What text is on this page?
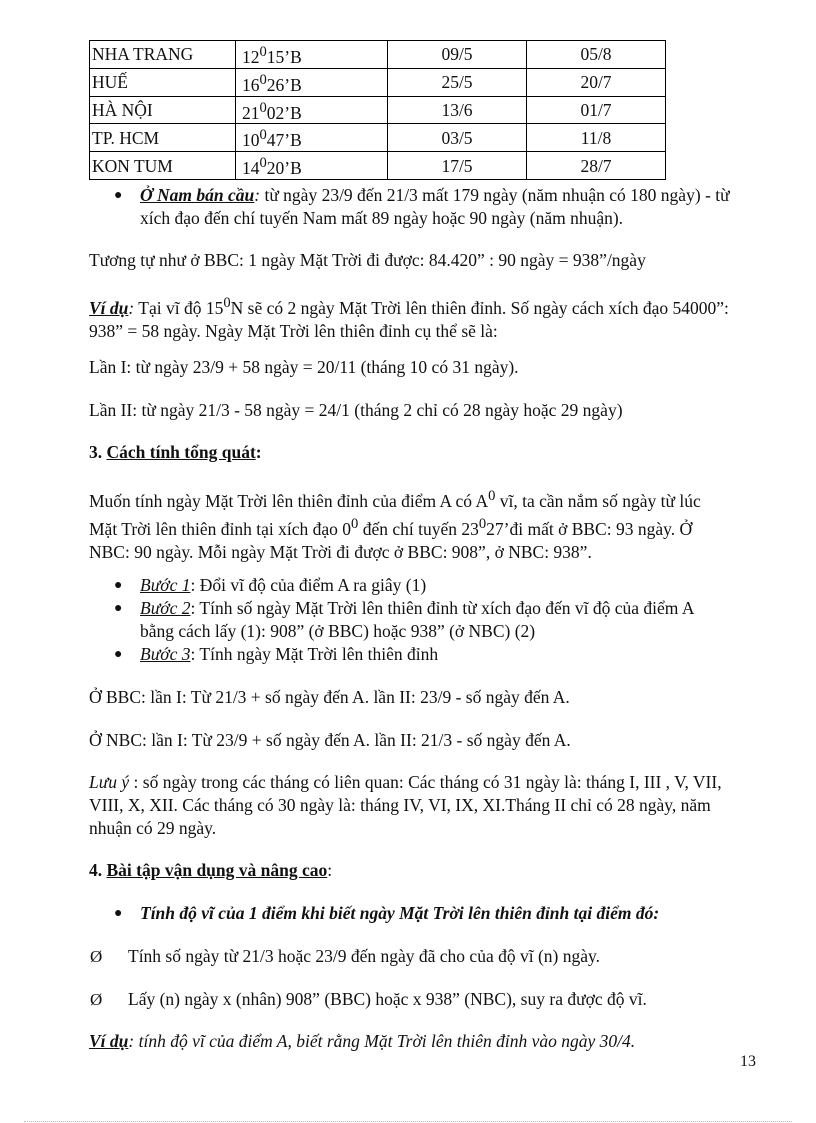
NHA TRANG	$12^015’B$	09/5	05/8
HUẾ	$16^026’B$	25/5	20/7
HÀ NỘI	$21^002’B$	13/6	01/7
TP. HCM	$10^047’B$	03/5	11/8
KON TUM	$14^020’B$	17/5	28/7
● Ở Nam bán cầu: từ ngày 23/9 đến 21/3 mất 179 ngày (năm nhuận có 180 ngày) - từ
xích đạo đến chí tuyến Nam mất 89 ngày hoặc 90 ngày (năm nhuận).

Tương tự như ở BBC: 1 ngày Mặt Trời đi được: 84.420” : 90 ngày = 938”/ngày

Ví dụ: Tại vĩ độ $15^0N$ sẽ có 2 ngày Mặt Trời lên thiên đỉnh. Số ngày cách xích đạo 54000”:
938” = 58 ngày. Ngày Mặt Trời lên thiên đỉnh cụ thể sẽ là:

Lần I: từ ngày 23/9 + 58 ngày = 20/11 (tháng 10 có 31 ngày).

Lần II: từ ngày 21/3 - 58 ngày = 24/1 (tháng 2 chỉ có 28 ngày hoặc 29 ngày)

3. Cách tính tổng quát:

Muốn tính ngày Mặt Trời lên thiên đỉnh của điểm A có $A^0$ vĩ, ta cần nắm số ngày từ lúc
Mặt Trời lên thiên đỉnh tại xích đạo $0^0$ đến chí tuyến $23^027’đi$ mất ở BBC: 93 ngày. Ở
NBC: 90 ngày. Mỗi ngày Mặt Trời đi được ở BBC: 908”, ở NBC: 938”.

● Bước 1: Đổi vĩ độ của điểm A ra giây (1)

● Bước 2: Tính số ngày Mặt Trời lên thiên đỉnh từ xích đạo đến vĩ độ của điểm A
bằng cách lấy (1): 908” (ở BBC) hoặc 938” (ở NBC) (2)

● Bước 3: Tính ngày Mặt Trời lên thiên đỉnh

Ở BBC: lần I: Từ 21/3 + số ngày đến A. lần II: 23/9 - số ngày đến A.

Ở NBC: lần I: Từ 23/9 + số ngày đến A. lần II: 21/3 - số ngày đến A.

Lưu ý : số ngày trong các tháng có liên quan: Các tháng có 31 ngày là: tháng I, III , V, VII,
VIII, X, XII. Các tháng có 30 ngày là: tháng IV, VI, IX, XI.Tháng II chỉ có 28 ngày, năm
nhuận có 29 ngày.

4. Bài tập vận dụng và nâng cao:

● Tính độ vĩ của 1 điểm khi biết ngày Mặt Trời lên thiên đỉnh tại điểm đó:

Ø Tính số ngày từ 21/3 hoặc 23/9 đến ngày đã cho của độ vĩ (n) ngày.

Ø Lấy (n) ngày x (nhân) 908” (BBC) hoặc x 938” (NBC), suy ra được độ vĩ.

Ví dụ: tính độ vĩ của điểm A, biết rằng Mặt Trời lên thiên đỉnh vào ngày 30/4.

13
